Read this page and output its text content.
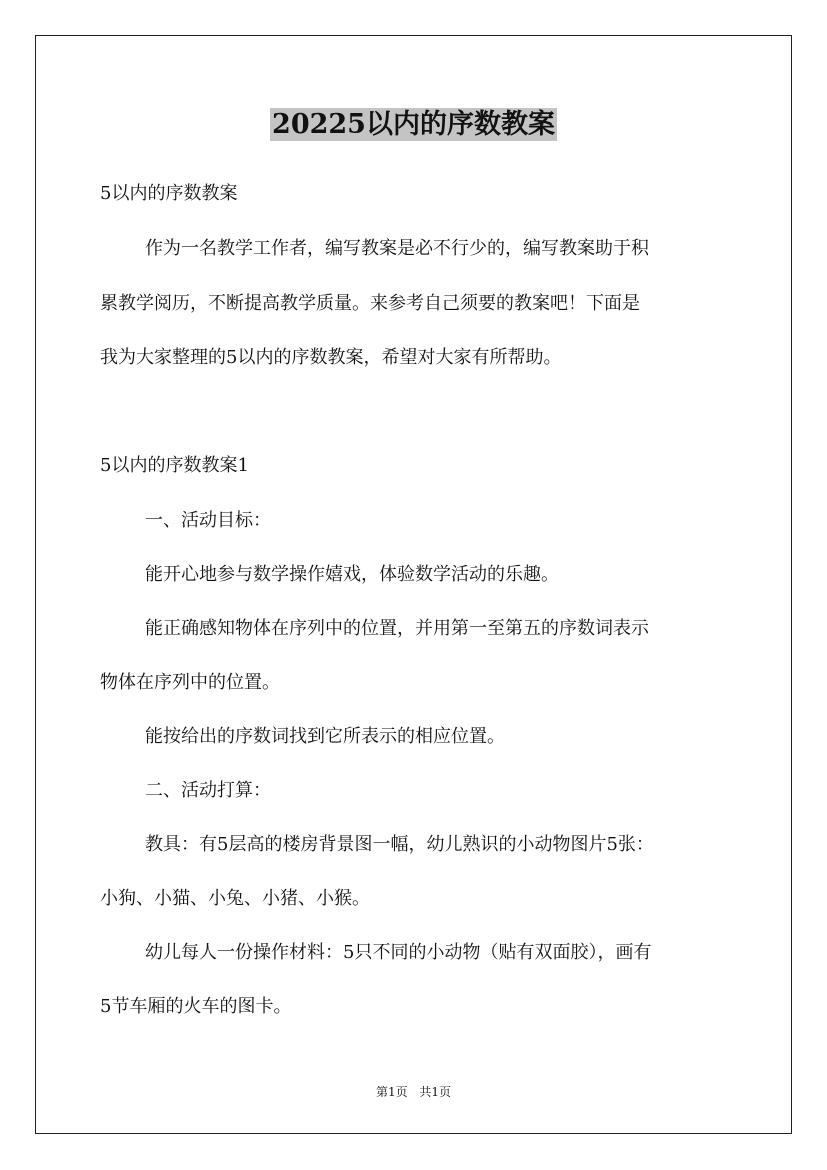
20225以内的序数教案
5以内的序数教案
作为一名教学工作者，编写教案是必不行少的，编写教案助于积
累教学阅历，不断提高教学质量。来参考自己须要的教案吧！下面是
我为大家整理的5以内的序数教案，希望对大家有所帮助。
5以内的序数教案1
一、活动目标：
能开心地参与数学操作嬉戏，体验数学活动的乐趣。
能正确感知物体在序列中的位置，并用第一至第五的序数词表示
物体在序列中的位置。
能按给出的序数词找到它所表示的相应位置。
二、活动打算：
教具：有5层高的楼房背景图一幅，幼儿熟识的小动物图片5张：
小狗、小猫、小兔、小猪、小猴。
幼儿每人一份操作材料：5只不同的小动物（贴有双面胶），画有
5节车厢的火车的图卡。
第1页 共1页
